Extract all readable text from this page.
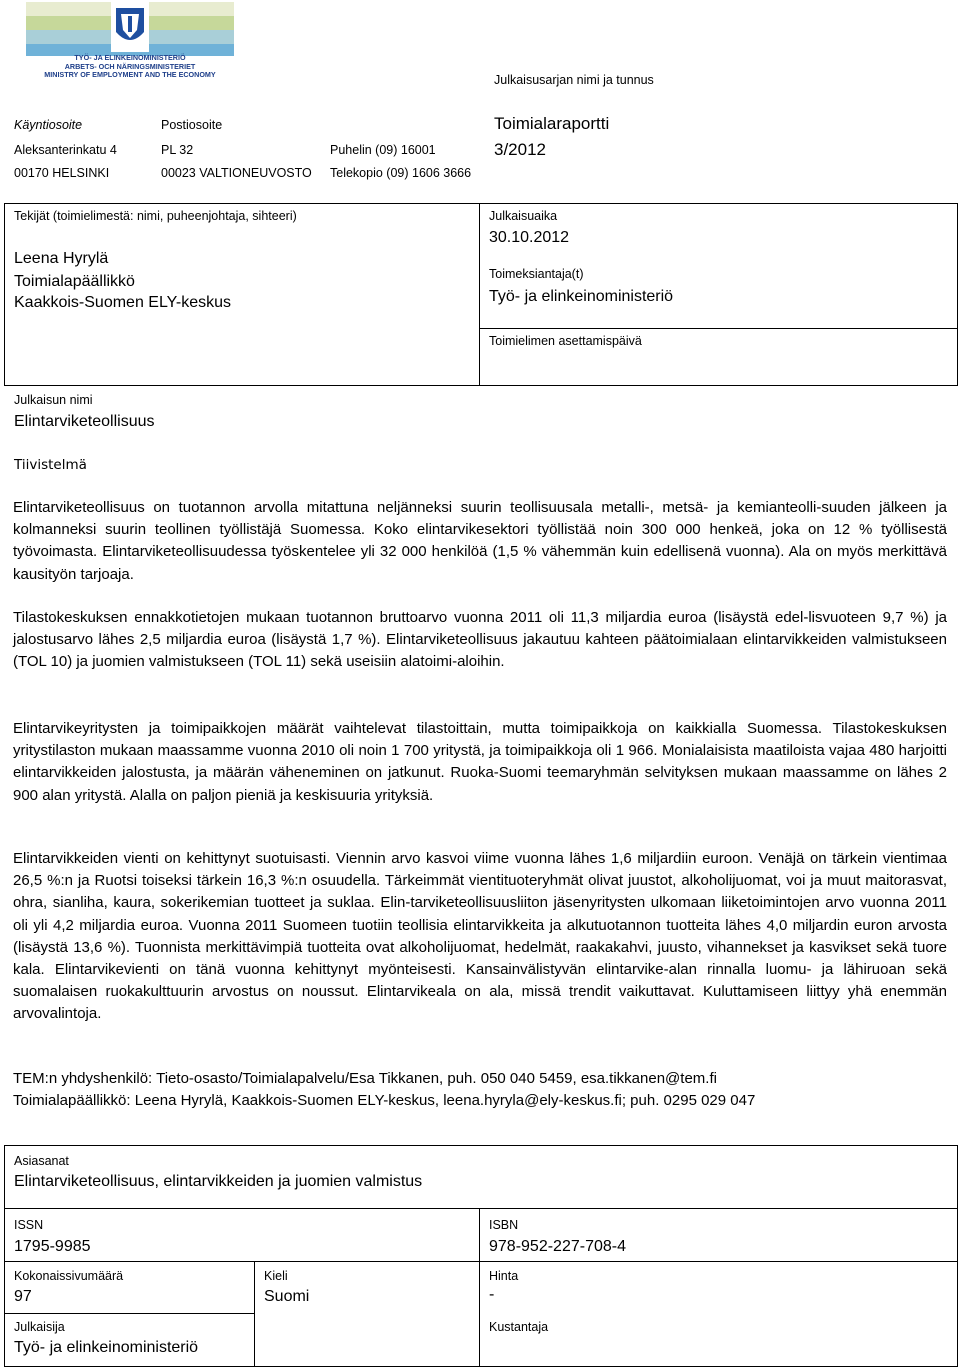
TYÖ- JA ELINKEINOMINISTERIÖ
ARBETS- OCH NÄRINGSMINISTERIET
MINISTRY OF EMPLOYMENT AND THE ECONOMY	Julkaisusarjan nimi ja tunnus
Käyntiosoite	Postiosoite
Aleksanterinkatu 4	PL 32	Puhelin (09) 16001
00170 HELSINKI	00023 VALTIONEUVOSTO Telekopio (09) 1606 3666
Toimialaraportti
3/2012
Tekijät (toimielimestä: nimi, puheenjohtaja, sihteeri)
Leena Hyrylä
Toimialapäällikkö
Kaakkois-Suomen ELY-keskus
Julkaisuaika
30.10.2012
Toimeksiantaja(t)
Työ- ja elinkeinoministeriö
Toimielimen asettamispäivä
Julkaisun nimi
Elintarviketeollisuus
Tiivistelmä

Elintarviketeollisuus on tuotannon arvolla mitattuna neljänneksi suurin teollisuusala metalli-, metsä- ja kemianteolli-suuden jälkeen ja kolmanneksi suurin teollinen työllistäjä Suomessa. Koko elintarvikesektori työllistää noin 300 000 henkeä, joka on 12 % työllisestä työvoimasta. Elintarviketeollisuudessa työskentelee yli 32 000 henkilöä (1,5 % vähemmän kuin edellisenä vuonna). Ala on myös merkittävä kausityön tarjoaja.

Tilastokeskuksen ennakkotietojen mukaan tuotannon bruttoarvo vuonna 2011 oli 11,3 miljardia euroa (lisäystä edel-lisvuoteen 9,7 %) ja jalostusarvo lähes 2,5 miljardia euroa (lisäystä 1,7 %). Elintarviketeollisuus jakautuu kahteen päätoimialaan elintarvikkeiden valmistukseen (TOL 10) ja juomien valmistukseen (TOL 11) sekä useisiin alatoimi-aloihin.

Elintarvikeyritysten ja toimipaikkojen määrät vaihtelevat tilastoittain, mutta toimipaikkoja on kaikkialla Suomessa. Tilastokeskuksen yritystilaston mukaan maassamme vuonna 2010 oli noin 1 700 yritystä, ja toimipaikkoja oli 1 966. Monialaisista maatiloista vajaa 480 harjoitti elintarvikkeiden jalostusta, ja määrän väheneminen on jatkunut. Ruoka-Suomi teemaryhmän selvityksen mukaan maassamme on lähes 2 900 alan yritystä. Alalla on paljon pieniä ja keskisuuria yrityksiä.

Elintarvikkeiden vienti on kehittynyt suotuisasti. Viennin arvo kasvoi viime vuonna lähes 1,6 miljardiin euroon. Venäjä on tärkein vientimaa 26,5 %:n ja Ruotsi toiseksi tärkein 16,3 %:n osuudella. Tärkeimmät vientituoteryhmät olivat juustot, alkoholijuomat, voi ja muut maitorasvat, ohra, sianliha, kaura, sokerikemian tuotteet ja suklaa. Elin-tarviketeollisuusliiton jäsenyritysten ulkomaan liiketoimintojen arvo vuonna 2011 oli yli 4,2 miljardia euroa. Vuonna 2011 Suomeen tuotiin teollisia elintarvikkeita ja alkutuotannon tuotteita lähes 4,0 miljardin euron arvosta (lisäystä 13,6 %). Tuonnista merkittävimpiä tuotteita ovat alkoholijuomat, hedelmät, raakakahvi, juusto, vihannekset ja kasvikset sekä tuore kala. Elintarvikevienti on tänä vuonna kehittynyt myönteisesti. Kansainvälistyvän elintarvike-alan rinnalla luomu- ja lähiruoan sekä suomalaisen ruokakulttuurin arvostus on noussut. Elintarvikeala on ala, missä trendit vaikuttavat. Kuluttamiseen liittyy yhä enemmän arvovalintoja.

TEM:n yhdyshenkilö: Tieto-osasto/Toimialapalvelu/Esa Tikkanen, puh. 050 040 5459, esa.tikkanen@tem.fi
Toimialapäällikkö: Leena Hyrylä, Kaakkois-Suomen ELY-keskus, leena.hyryla@ely-keskus.fi; puh. 0295 029 047
Asiasanat
Elintarviketeollisuus, elintarvikkeiden ja juomien valmistus
ISSN
1795-9985
ISBN
978-952-227-708-4
Kokonaissivumäärä
97
Kieli
Suomi
Hinta
-
Julkaisija
Työ- ja elinkeinoministeriö
Kustantaja
